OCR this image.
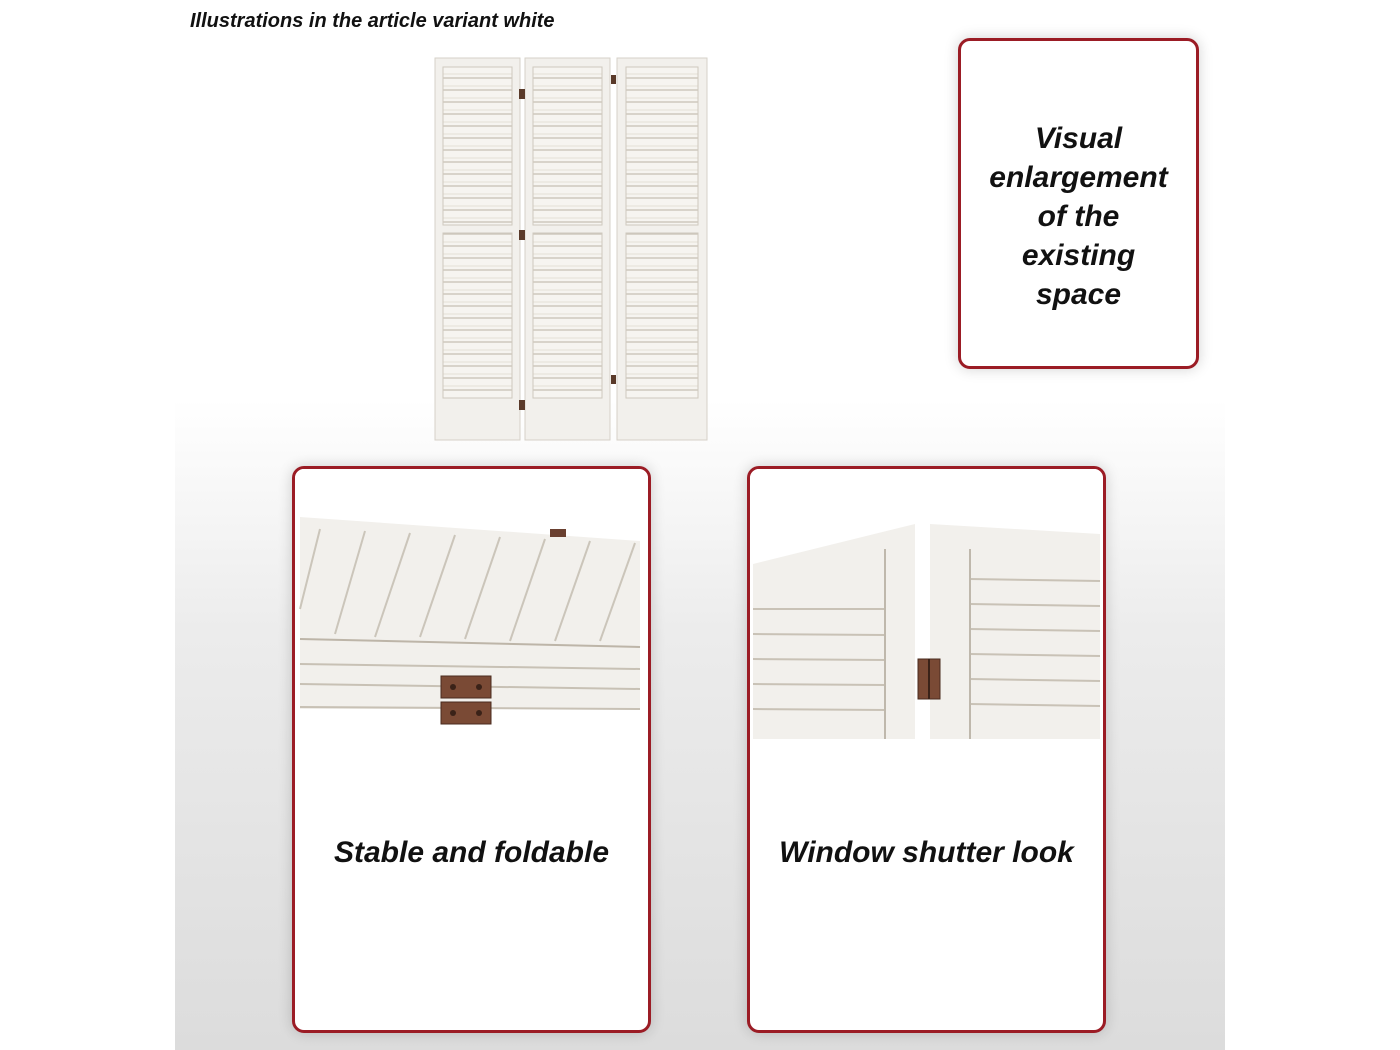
Illustrations in the article variant white
Visual enlargement of the existing space
Stable and foldable	Window shutter look
